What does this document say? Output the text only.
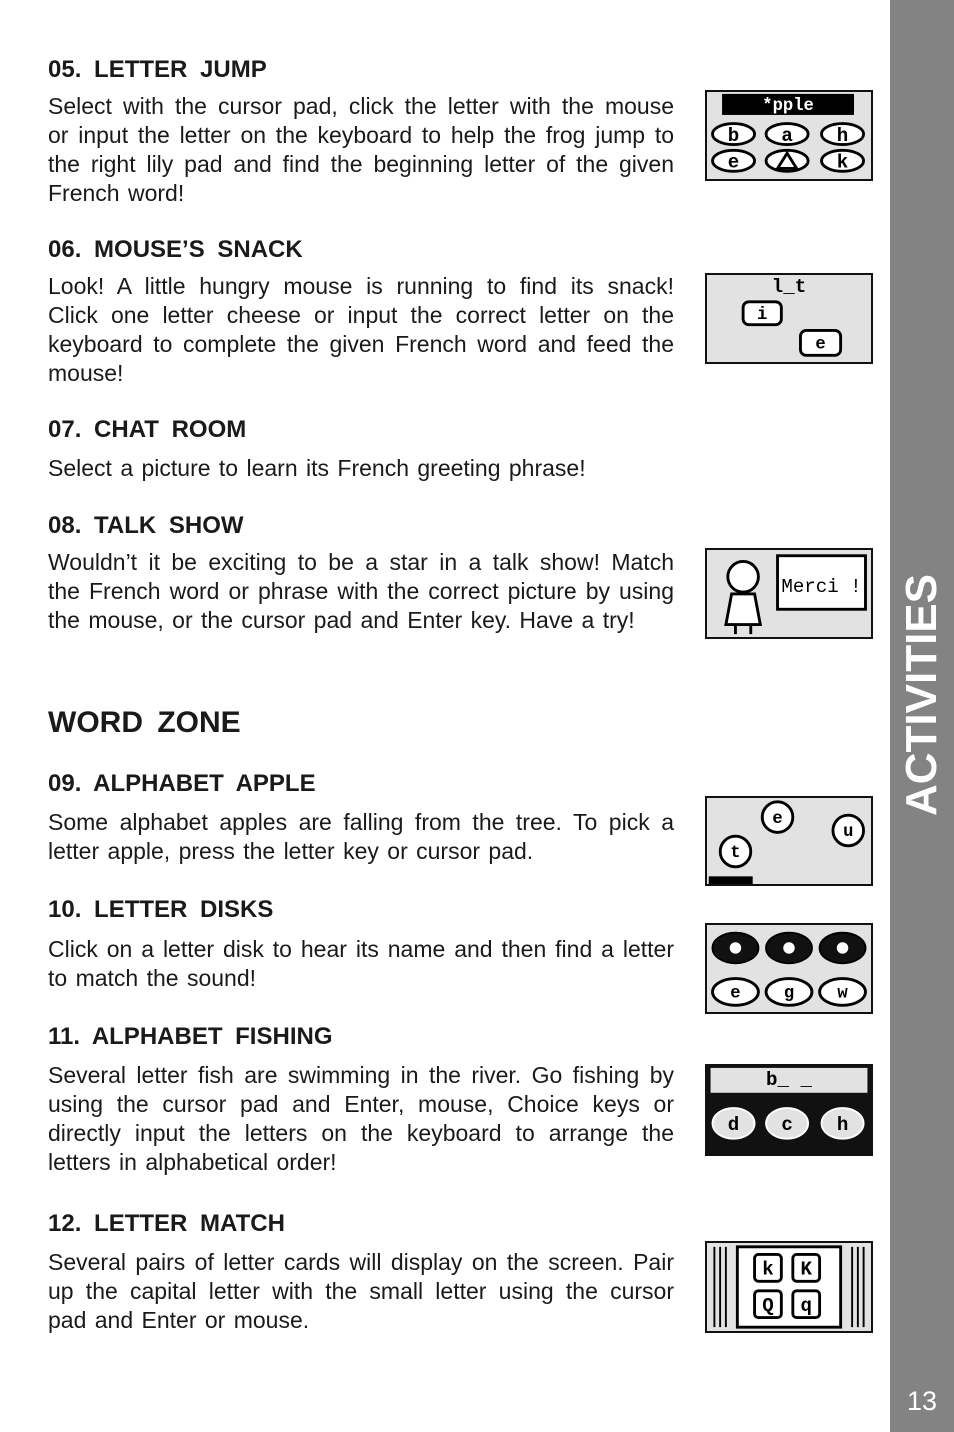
ACTIVITIES
13
05. LETTER JUMP

Select with the cursor pad, click the letter with the mouse or input the letter on the keyboard to help the frog jump to the right lily pad and find the beginning letter of the given French word!

*pple
b a h
e	k
06. MOUSE’S SNACK

Look! A little hungry mouse is running to find its snack! Click one letter cheese or input the correct letter on the keyboard to complete the given French word and feed the mouse!

l_t
i
e
07. CHAT ROOM

Select a picture to learn its French greeting phrase!

08. TALK SHOW

Wouldn’t it be exciting to be a star in a talk show! Match the French word or phrase with the correct picture by using the mouse, or the cursor pad and Enter key. Have a try!

Merci !
WORD ZONE
09. ALPHABET APPLE

Some alphabet apples are falling from the tree. To pick a letter apple, press the letter key or cursor pad.

e
u
t
10. LETTER DISKS

Click on a letter disk to hear its name and then find a letter to match the sound!

e g w
11. ALPHABET FISHING

Several letter fish are swimming in the river. Go fishing by using the cursor pad and Enter, mouse, Choice keys or directly input the letters on the keyboard to arrange the letters in alphabetical order!

b_ _
d c h
12. LETTER MATCH

Several pairs of letter cards will display on the screen. Pair up the capital letter with the small letter using the cursor pad and Enter or mouse.

k K
Q q
